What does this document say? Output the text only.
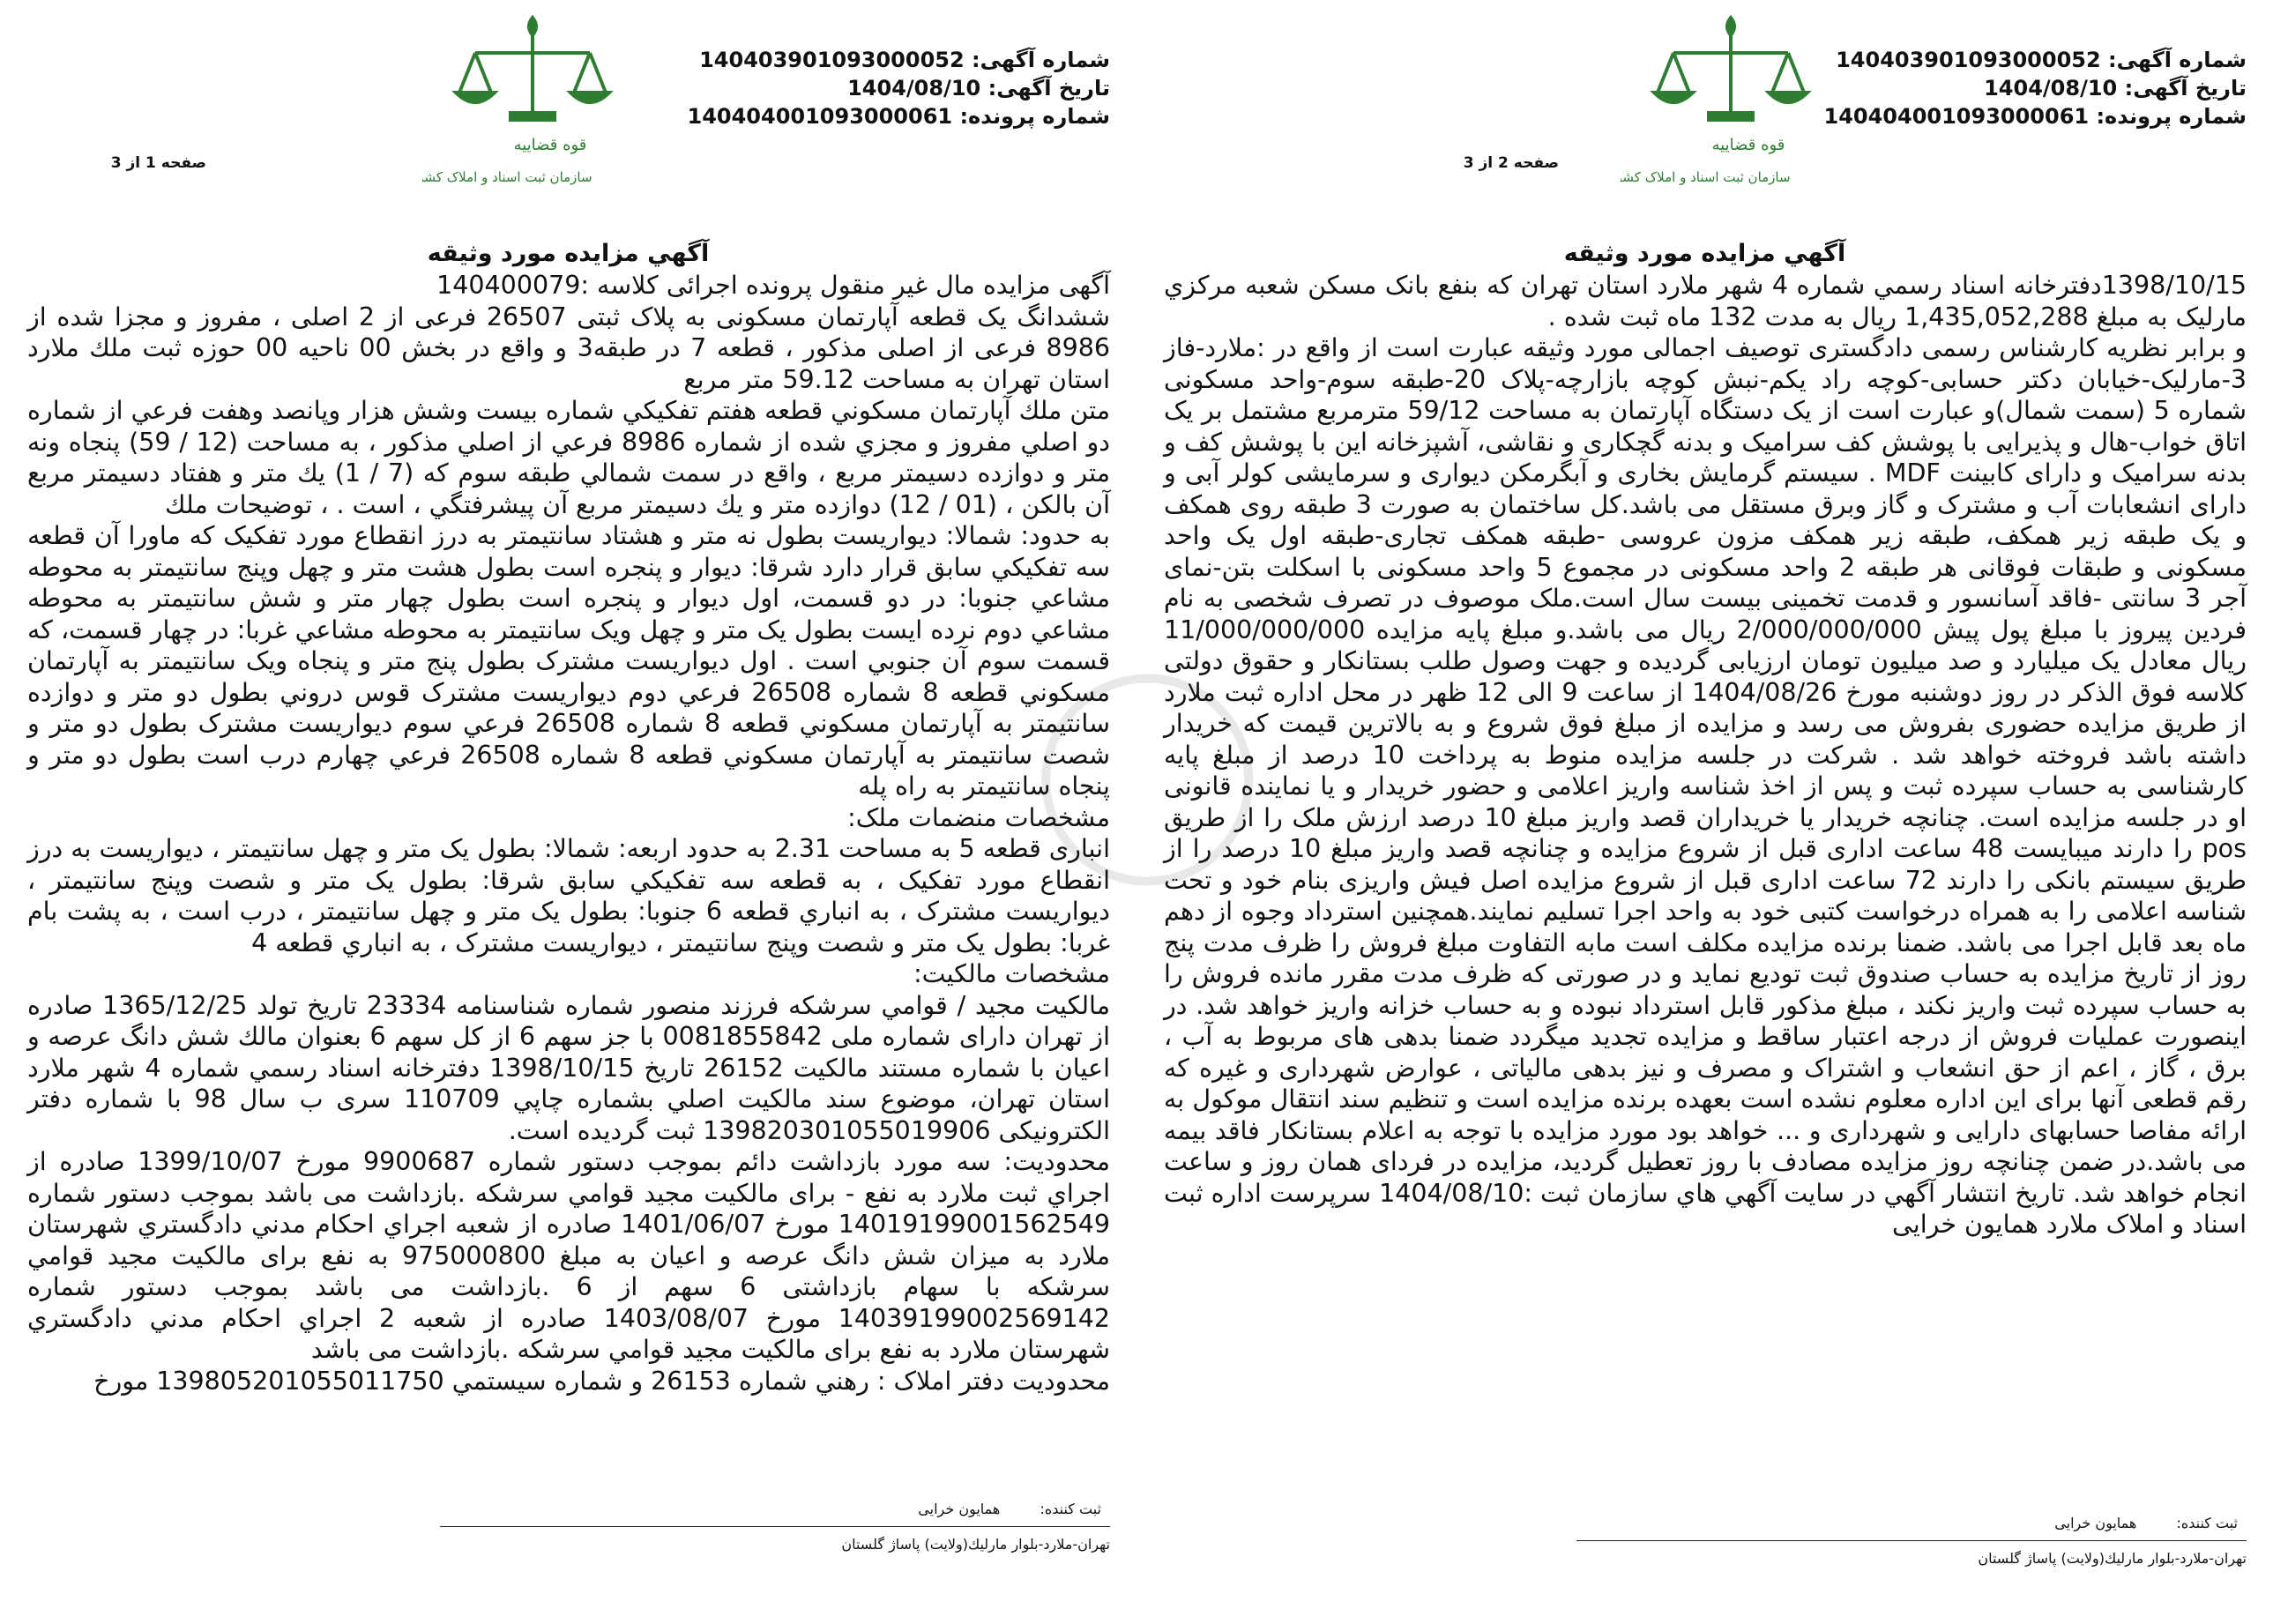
شماره آگهی: 140403901093000052
تاریخ آگهی: 1404/08/10
شماره پرونده: 140404001093000061
قوه قضاییه
سازمان ثبت اسناد و املاک کشور
صفحه 1 از 3
آگهي مزايده مورد وثيقه

آگهی مزایده مال غیر منقول پرونده اجرائی کلاسه :140400079

ششدانگ یک قطعه آپارتمان مسکونی به پلاک ثبتی 26507 فرعی از 2 اصلی ، مفروز و مجزا شده از 8986 فرعی از اصلی مذکور ، قطعه 7 در طبقه3 و واقع در بخش 00 ناحیه 00 حوزه ثبت ملك ملارد استان تهران به مساحت 59.12 متر مربع

متن ملك آپارتمان مسكوني قطعه هفتم تفكيكي شماره بيست وشش هزار وپانصد وهفت فرعي از شماره دو اصلي مفروز و مجزي شده از شماره 8986 فرعي از اصلي مذكور ، به مساحت (12 / 59) پنجاه ونه متر و دوازده دسيمتر مربع ، واقع در سمت شمالي طبقه سوم كه (7 / 1) يك متر و هفتاد دسيمتر مربع آن بالكن ، (01 / 12) دوازده متر و يك دسيمتر مربع آن پيشرفتگي ، است . ، توضيحات ملك

به حدود: شمالا: دیواریست بطول نه متر و هشتاد سانتیمتر به درز انقطاع مورد تفکیک که ماورا آن قطعه سه تفكيكي سابق قرار دارد شرقا: ديوار و پنجره است بطول هشت متر و چهل وپنج سانتيمتر به محوطه مشاعي جنوبا: در دو قسمت، اول ديوار و پنجره است بطول چهار متر و شش سانتيمتر به محوطه مشاعي دوم نرده ايست بطول يک متر و چهل ويک سانتيمتر به محوطه مشاعي غربا: در چهار قسمت، كه قسمت سوم آن جنوبي است . اول ديواريست مشترک بطول پنج متر و پنجاه ويک سانتيمتر به آپارتمان مسكوني قطعه 8 شماره 26508 فرعي دوم ديواريست مشترک قوس دروني بطول دو متر و دوازده سانتيمتر به آپارتمان مسكوني قطعه 8 شماره 26508 فرعي سوم ديواريست مشترک بطول دو متر و شصت سانتيمتر به آپارتمان مسكوني قطعه 8 شماره 26508 فرعي چهارم درب است بطول دو متر و پنجاه سانتيمتر به راه پله

مشخصات منضمات ملک:

انباری قطعه 5 به مساحت 2.31 به حدود اربعه: شمالا: بطول يک متر و چهل سانتيمتر ، ديواريست به درز انقطاع مورد تفكيک ، به قطعه سه تفكيكي سابق شرقا: بطول يک متر و شصت وپنج سانتيمتر ، ديواريست مشترک ، به انباري قطعه 6 جنوبا: بطول يک متر و چهل سانتيمتر ، درب است ، به پشت بام غربا: بطول يک متر و شصت وپنج سانتيمتر ، ديواريست مشترک ، به انباري قطعه 4

مشخصات مالکیت:

مالكيت مجید / قوامي سرشكه فرزند منصور شماره شناسنامه 23334 تاريخ تولد 1365/12/25 صادره از تهران دارای شماره ملی 0081855842 با جز سهم 6 از كل سهم 6 بعنوان مالك شش دانگ عرصه و اعيان با شماره مستند مالكيت 26152 تاريخ 1398/10/15 دفترخانه اسناد رسمي شماره 4 شهر ملارد استان تهران، موضوع سند مالكيت اصلي بشماره چاپي 110709 سری ب سال 98 با شماره دفتر الکترونیکی 139820301055019906 ثبت گرديده است.

محدودیت: سه مورد بازداشت دائم بموجب دستور شماره 9900687 مورخ 1399/10/07 صادره از اجراي ثبت ملارد به نفع - برای مالكيت مجيد قوامي سرشكه .بازداشت مى باشد بموجب دستور شماره 14019199001562549 مورخ 1401/06/07 صادره از شعبه اجراي احكام مدني دادگستري شهرستان ملارد به ميزان شش دانگ عرصه و اعيان به مبلغ 975000800 به نفع برای مالكيت مجيد قوامي سرشكه با سهام بازداشتى 6 سهم از 6 .بازداشت مى باشد بموجب دستور شماره 14039199002569142 مورخ 1403/08/07 صادره از شعبه 2 اجراي احكام مدني دادگستري شهرستان ملارد به نفع برای مالكيت مجيد قوامي سرشكه .بازداشت مى باشد

محدودیت دفتر املاک : رهني شماره 26153 و شماره سيستمي 139805201055011750 مورخ

ثبت کننده: همايون خرايى
تهران-ملارد-بلوار مارليك(ولايت) پاساژ گلستان
شماره آگهی: 140403901093000052
تاریخ آگهی: 1404/08/10
شماره پرونده: 140404001093000061
قوه قضاییه
سازمان ثبت اسناد و املاک کشور
صفحه 2 از 3
آگهي مزايده مورد وثيقه

1398/10/15دفترخانه اسناد رسمي شماره 4 شهر ملارد استان تهران كه بنفع بانک مسكن شعبه مركزي مارليک به مبلغ 1,435,052,288 ريال به مدت 132 ماه ثبت شده .

و برابر نظریه کارشناس رسمی دادگستری توصیف اجمالی مورد وثیقه عبارت است از واقع در :ملارد-فاز 3-مارلیک-خیابان دکتر حسابی-کوچه راد یکم-نبش کوچه بازارچه-پلاک 20-طبقه سوم-واحد مسکونی شماره 5 (سمت شمال)و عبارت است از یک دستگاه آپارتمان به مساحت 59/12 مترمربع مشتمل بر یک اتاق خواب-هال و پذیرایی با پوشش کف سرامیک و بدنه گچکاری و نقاشی، آشپزخانه این با پوشش کف و بدنه سرامیک و دارای کابینت MDF . سیستم گرمایش بخاری و آبگرمکن دیواری و سرمایشی کولر آبی و دارای انشعابات آب و مشترک و گاز وبرق مستقل می باشد.کل ساختمان به صورت 3 طبقه روی همکف و یک طبقه زیر همکف، طبقه زیر همکف مزون عروسی -طبقه همکف تجاری-طبقه اول یک واحد مسکونی و طبقات فوقانی هر طبقه 2 واحد مسکونی در مجموع 5 واحد مسکونی با اسکلت بتن-نمای آجر 3 سانتی -فاقد آسانسور و قدمت تخمینی بیست سال است.ملک موصوف در تصرف شخصی به نام فردین پیروز با مبلغ پول پیش 2/000/000/000 ریال می باشد.و مبلغ پایه مزایده 11/000/000/000 ريال معادل یک میلیارد و صد میلیون تومان ارزیابی گردیده و جهت وصول طلب بستانکار و حقوق دولتی کلاسه فوق الذکر در روز دوشنبه مورخ 1404/08/26 از ساعت 9 الی 12 ظهر در محل اداره ثبت ملارد از طریق مزایده حضوری بفروش می رسد و مزایده از مبلغ فوق شروع و به بالاترین قیمت که خریدار داشته باشد فروخته خواهد شد . شرکت در جلسه مزایده منوط به پرداخت 10 درصد از مبلغ پایه کارشناسی به حساب سپرده ثبت و پس از اخذ شناسه واریز اعلامی و حضور خریدار و یا نماینده قانونی او در جلسه مزایده است. چنانچه خریدار یا خریداران قصد واریز مبلغ 10 درصد ارزش ملک را از طریق pos را دارند میبایست 48 ساعت اداری قبل از شروع مزایده و چنانچه قصد واریز مبلغ 10 درصد را از طریق سیستم بانکی را دارند 72 ساعت اداری قبل از شروع مزایده اصل فیش واریزی بنام خود و تحت شناسه اعلامی را به همراه درخواست کتبی خود به واحد اجرا تسلیم نمایند.همچنین استرداد وجوه از دهم ماه بعد قابل اجرا می باشد. ضمنا برنده مزایده مکلف است مابه التفاوت مبلغ فروش را ظرف مدت پنج روز از تاریخ مزایده به حساب صندوق ثبت تودیع نماید و در صورتی که ظرف مدت مقرر مانده فروش را به حساب سپرده ثبت واریز نکند ، مبلغ مذکور قابل استرداد نبوده و به حساب خزانه واریز خواهد شد. در اینصورت عملیات فروش از درجه اعتبار ساقط و مزایده تجدید میگردد ضمنا بدهی های مربوط به آب ، برق ، گاز ، اعم از حق انشعاب و اشتراک و مصرف و نیز بدهی مالیاتی ، عوارض شهرداری و غیره که رقم قطعی آنها برای این اداره معلوم نشده است بعهده برنده مزایده است و تنظیم سند انتقال موکول به ارائه مفاصا حسابهای دارایی و شهرداری و ... خواهد بود مورد مزایده با توجه به اعلام بستانکار فاقد بیمه می باشد.در ضمن چنانچه روز مزایده مصادف با روز تعطیل گردید، مزایده در فردای همان روز و ساعت انجام خواهد شد. تاریخ انتشار آگهي در سايت آگهي هاي سازمان ثبت :1404/08/10 سرپرست اداره ثبت اسناد و املاک ملارد همایون خرایی

ثبت کننده: همايون خرايى
تهران-ملارد-بلوار مارليك(ولايت) پاساژ گلستان
